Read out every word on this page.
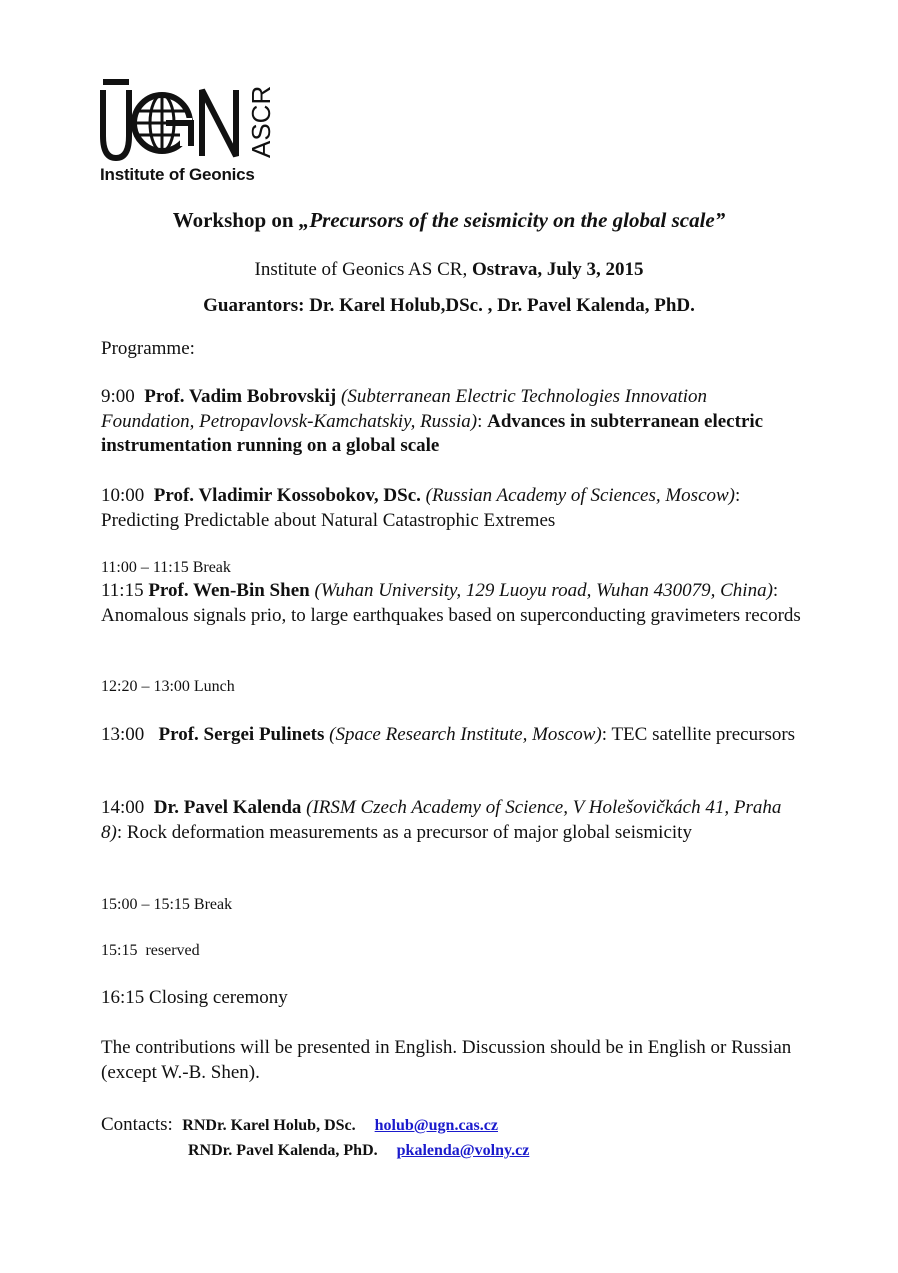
ASCR
Institute of Geonics
Workshop on „Precursors of the seismicity on the global scale”
Institute of Geonics AS CR, Ostrava, July 3, 2015
Guarantors: Dr. Karel Holub,DSc. , Dr. Pavel Kalenda, PhD.
Programme:
9:00  Prof. Vadim Bobrovskij (Subterranean Electric Technologies Innovation Foundation, Petropavlovsk-Kamchatskiy, Russia): Advances in subterranean electric instrumentation running on a global scale
10:00  Prof. Vladimir Kossobokov, DSc. (Russian Academy of Sciences, Moscow): Predicting Predictable about Natural Catastrophic Extremes
11:00 – 11:15 Break
11:15 Prof. Wen-Bin Shen (Wuhan University, 129 Luoyu road, Wuhan 430079, China): Anomalous signals prio, to large earthquakes based on superconducting gravimeters records
12:20 – 13:00 Lunch
13:00   Prof. Sergei Pulinets (Space Research Institute, Moscow): TEC satellite precursors
14:00  Dr. Pavel Kalenda (IRSM Czech Academy of Science, V Holešovičkách 41, Praha 8): Rock deformation measurements as a precursor of major global seismicity
15:00 – 15:15 Break
15:15  reserved
16:15 Closing ceremony
The contributions will be presented in English. Discussion should be in English or Russian (except W.-B. Shen).
Contacts:  RNDr. Karel Holub, DSc. holub@ugn.cas.cz
RNDr. Pavel Kalenda, PhD. pkalenda@volny.cz
